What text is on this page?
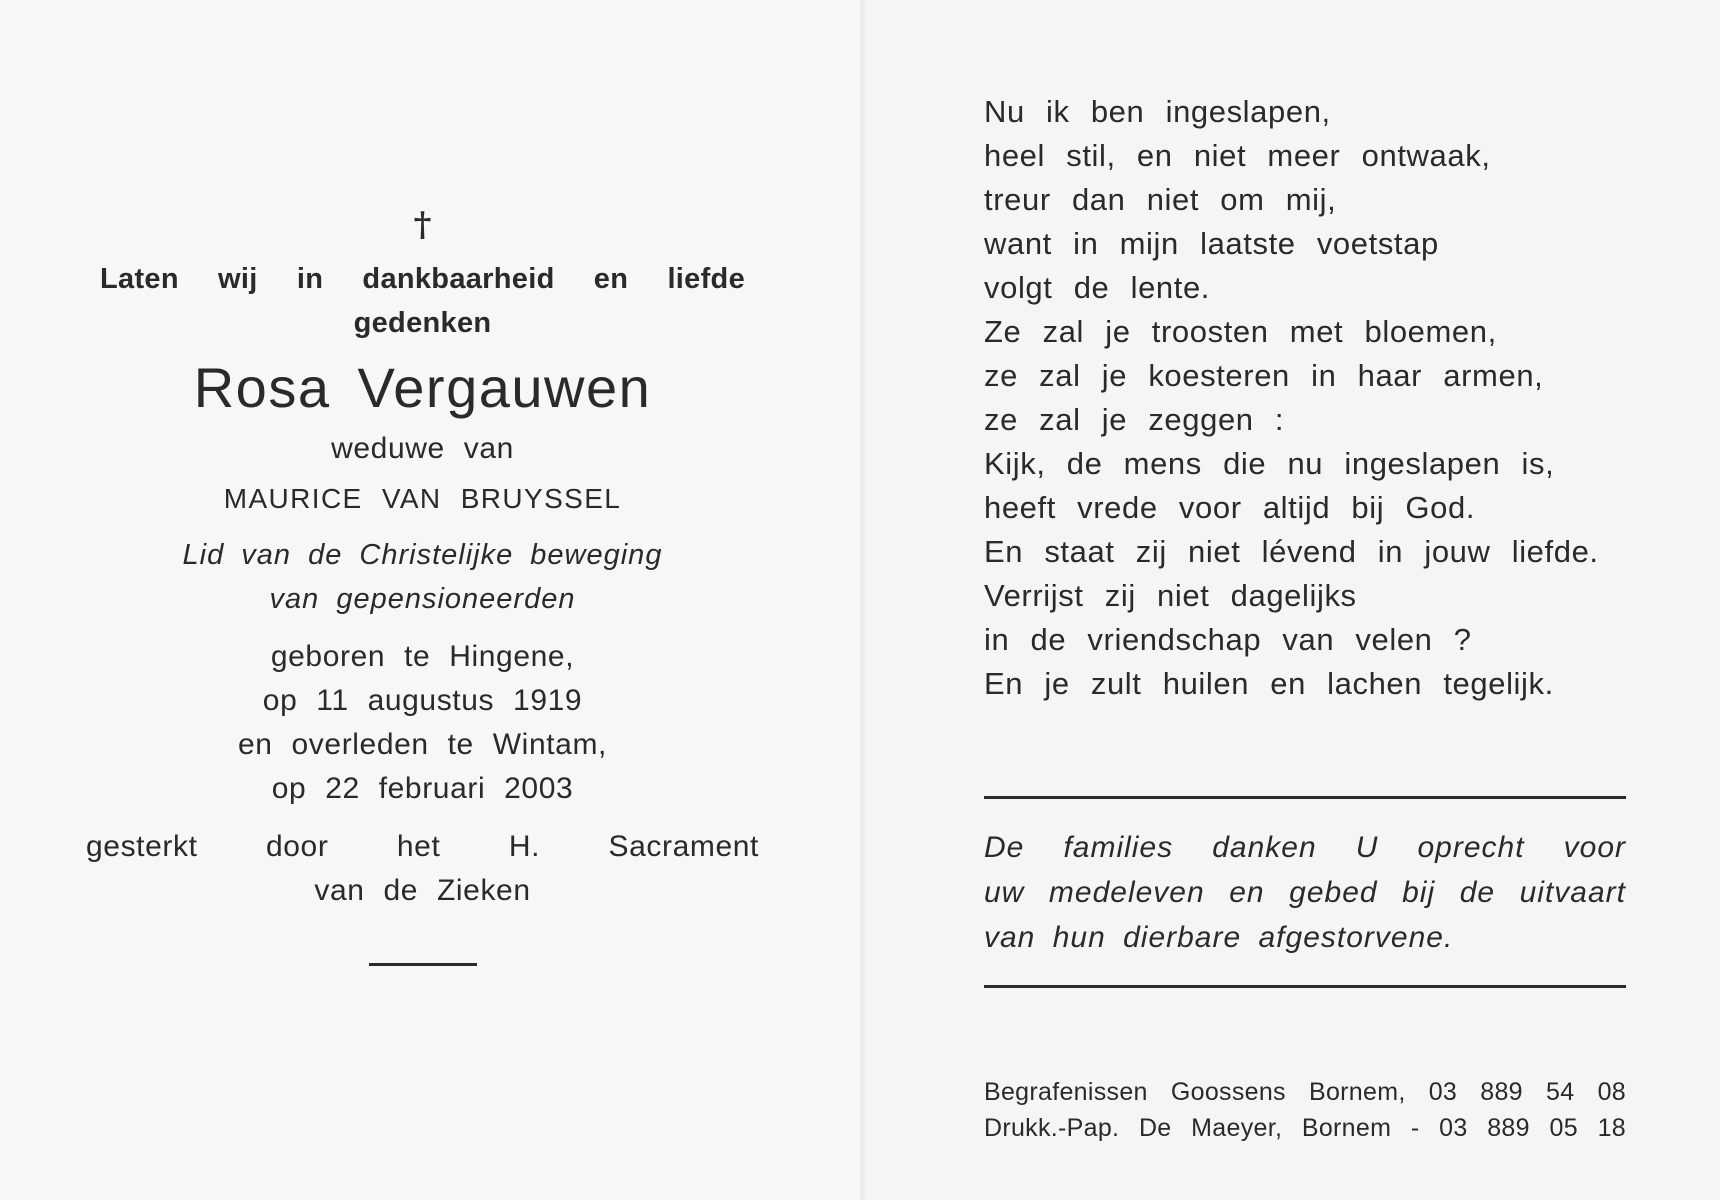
†
Laten wij in dankbaarheid en liefde
gedenken
Rosa Vergauwen
weduwe van
MAURICE VAN BRUYSSEL
Lid van de Christelijke beweging
van gepensioneerden
geboren te Hingene,
op 11 augustus 1919
en overleden te Wintam,
op 22 februari 2003
gesterkt door het H. Sacrament
van de Zieken
Nu ik ben ingeslapen,
heel stil, en niet meer ontwaak,
treur dan niet om mij,
want in mijn laatste voetstap
volgt de lente.
Ze zal je troosten met bloemen,
ze zal je koesteren in haar armen,
ze zal je zeggen :
Kijk, de mens die nu ingeslapen is,
heeft vrede voor altijd bij God.
En staat zij niet lévend in jouw liefde.
Verrijst zij niet dagelijks
in de vriendschap van velen ?
En je zult huilen en lachen tegelijk.
De families danken U oprecht voor
uw medeleven en gebed bij de uitvaart
van hun dierbare afgestorvene.
Begrafenissen Goossens Bornem, 03 889 54 08
Drukk.-Pap. De Maeyer, Bornem - 03 889 05 18
